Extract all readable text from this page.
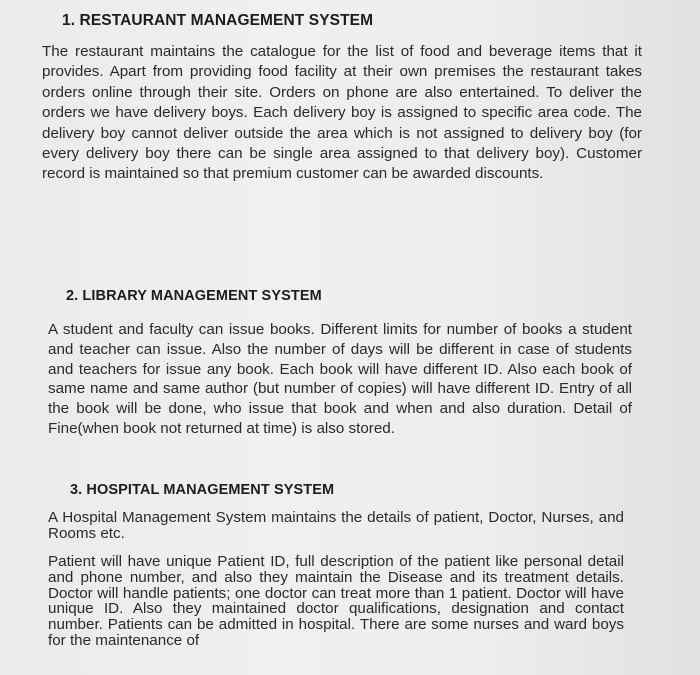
1. RESTAURANT MANAGEMENT SYSTEM

The restaurant maintains the catalogue for the list of food and beverage items that it provides. Apart from providing food facility at their own premises the restaurant takes orders online through their site. Orders on phone are also entertained. To deliver the orders we have delivery boys. Each delivery boy is assigned to specific area code. The delivery boy cannot deliver outside the area which is not assigned to delivery boy (for every delivery boy there can be single area assigned to that delivery boy). Customer record is maintained so that premium customer can be awarded discounts.

2. LIBRARY MANAGEMENT SYSTEM

A student and faculty can issue books. Different limits for number of books a student and teacher can issue. Also the number of days will be different in case of students and teachers for issue any book. Each book will have different ID. Also each book of same name and same author (but number of copies) will have different ID. Entry of all the book will be done, who issue that book and when and also duration. Detail of Fine(when book not returned at time) is also stored.

3. HOSPITAL MANAGEMENT SYSTEM

A Hospital Management System maintains the details of patient, Doctor, Nurses, and Rooms etc.

Patient will have unique Patient ID, full description of the patient like personal detail and phone number, and also they maintain the Disease and its treatment details. Doctor will handle patients; one doctor can treat more than 1 patient. Doctor will have unique ID. Also they maintained doctor qualifications, designation and contact number. Patients can be admitted in hospital. There are some nurses and ward boys for the maintenance of
